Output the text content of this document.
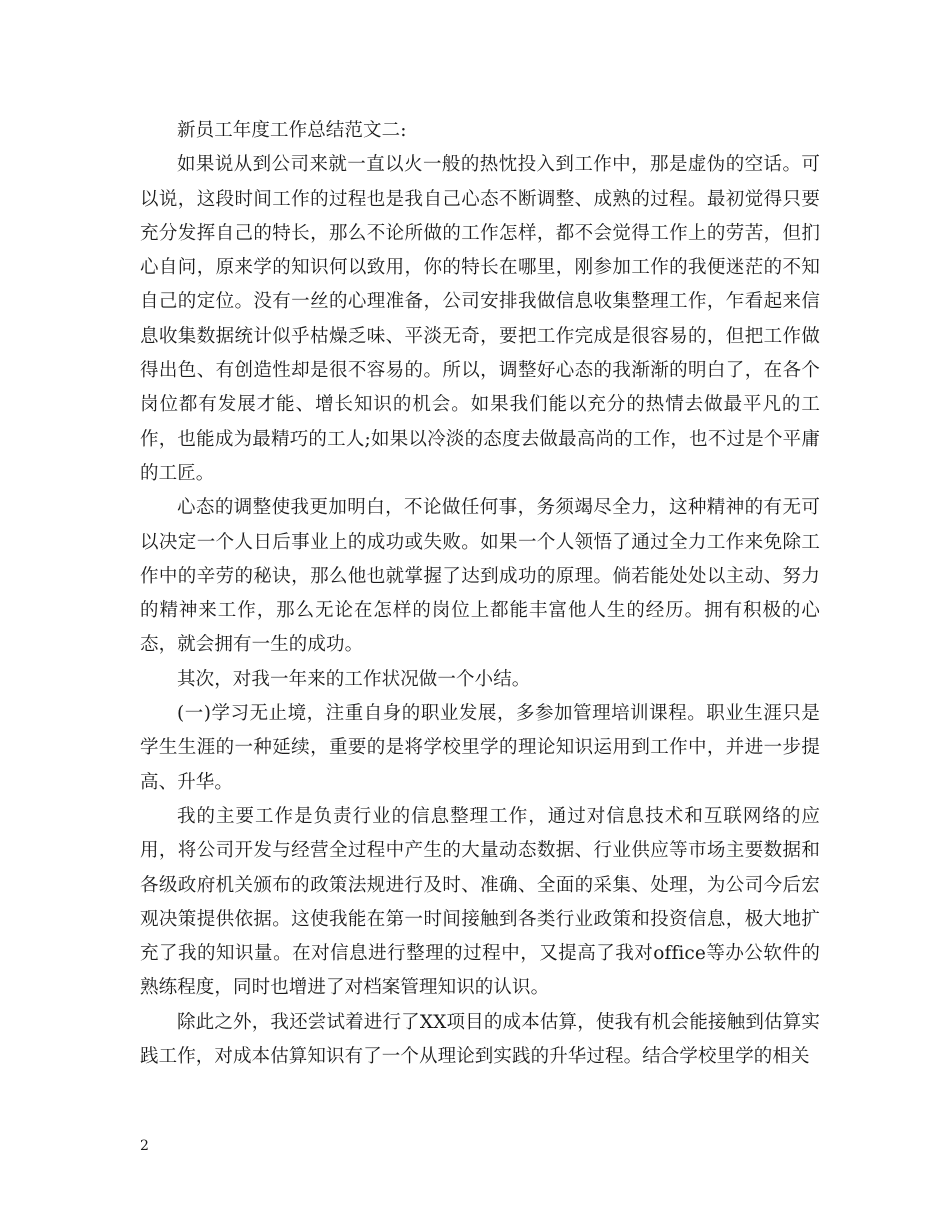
新员工年度工作总结范文二:

如果说从到公司来就一直以火一般的热忱投入到工作中，那是虚伪的空话。可以说，这段时间工作的过程也是我自己心态不断调整、成熟的过程。最初觉得只要充分发挥自己的特长，那么不论所做的工作怎样，都不会觉得工作上的劳苦，但扪心自问，原来学的知识何以致用，你的特长在哪里，刚参加工作的我便迷茫的不知自己的定位。没有一丝的心理准备，公司安排我做信息收集整理工作，乍看起来信息收集数据统计似乎枯燥乏味、平淡无奇，要把工作完成是很容易的，但把工作做得出色、有创造性却是很不容易的。所以，调整好心态的我渐渐的明白了，在各个岗位都有发展才能、增长知识的机会。如果我们能以充分的热情去做最平凡的工作，也能成为最精巧的工人;如果以冷淡的态度去做最高尚的工作，也不过是个平庸的工匠。

心态的调整使我更加明白，不论做任何事，务须竭尽全力，这种精神的有无可以决定一个人日后事业上的成功或失败。如果一个人领悟了通过全力工作来免除工作中的辛劳的秘诀，那么他也就掌握了达到成功的原理。倘若能处处以主动、努力的精神来工作，那么无论在怎样的岗位上都能丰富他人生的经历。拥有积极的心态，就会拥有一生的成功。

其次，对我一年来的工作状况做一个小结。

(一)学习无止境，注重自身的职业发展，多参加管理培训课程。职业生涯只是学生生涯的一种延续，重要的是将学校里学的理论知识运用到工作中，并进一步提高、升华。

我的主要工作是负责行业的信息整理工作，通过对信息技术和互联网络的应用，将公司开发与经营全过程中产生的大量动态数据、行业供应等市场主要数据和各级政府机关颁布的政策法规进行及时、准确、全面的采集、处理，为公司今后宏观决策提供依据。这使我能在第一时间接触到各类行业政策和投资信息，极大地扩充了我的知识量。在对信息进行整理的过程中，又提高了我对office等办公软件的熟练程度，同时也增进了对档案管理知识的认识。

除此之外，我还尝试着进行了XX项目的成本估算，使我有机会能接触到估算实践工作，对成本估算知识有了一个从理论到实践的升华过程。结合学校里学的相关

2
